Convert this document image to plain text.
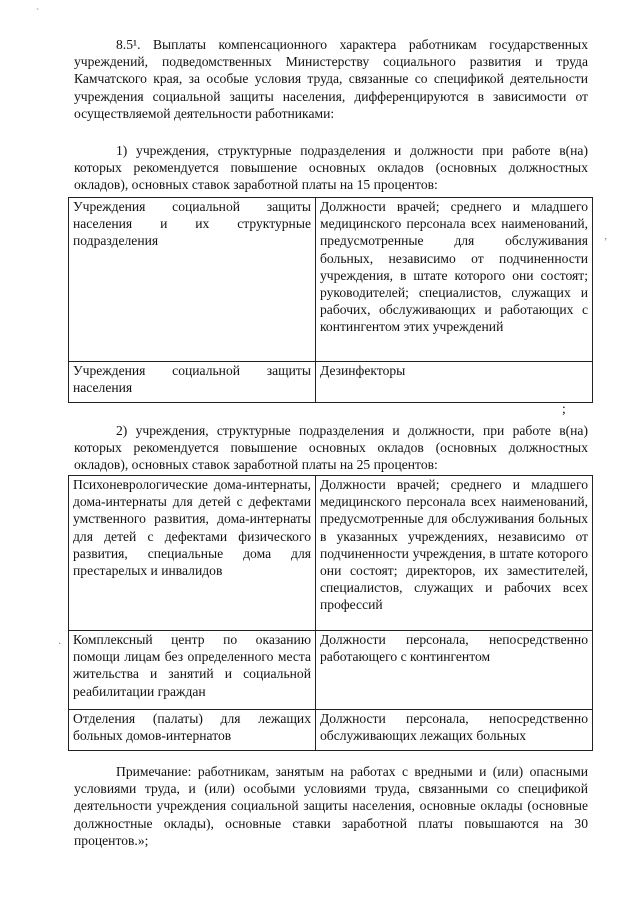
`
‚
·

8.5¹. Выплаты компенсационного характера работникам государственных учреждений, подведомственных Министерству социального развития и труда Камчатского края, за особые условия труда, связанные со спецификой деятельности учреждения социальной защиты населения, дифференцируются в зависимости от осуществляемой деятельности работниками:

1) учреждения, структурные подразделения и должности при работе в(на) которых рекомендуется повышение основных окладов (основных должностных окладов), основных ставок заработной платы на 15 процентов:

Учреждения социальной защиты населения и их структурные подразделения	Должности врачей; среднего и младшего медицинского персонала всех наименований, предусмотренные для обслуживания больных, независимо от подчиненности учреждения, в штате которого они состоят; руководителей; специалистов, служащих и рабочих, обслуживающих и работающих с контингентом этих учреждений
Учреждения социальной защиты населения	Дезинфекторы
;

2) учреждения, структурные подразделения и должности, при работе в(на) которых рекомендуется повышение основных окладов (основных должностных окладов), основных ставок заработной платы на 25 процентов:

Психоневрологические дома-интернаты, дома-интернаты для детей с дефектами умственного развития, дома-интернаты для детей с дефектами физического развития, специальные дома для престарелых и инвалидов	Должности врачей; среднего и младшего медицинского персонала всех наименований, предусмотренные для обслуживания больных в указанных учреждениях, независимо от подчиненности учреждения, в штате которого они состоят; директоров, их заместителей, специалистов, служащих и рабочих всех профессий
Комплексный центр по оказанию помощи лицам без определенного места жительства и занятий и социальной реабилитации граждан	Должности персонала, непосредственно работающего с контингентом
Отделения (палаты) для лежащих больных домов-интернатов	Должности персонала, непосредственно обслуживающих лежащих больных

Примечание: работникам, занятым на работах с вредными и (или) опасными условиями труда, и (или) особыми условиями труда, связанными со спецификой деятельности учреждения социальной защиты населения, основные оклады (основные должностные оклады), основные ставки заработной платы повышаются на 30 процентов.»;
